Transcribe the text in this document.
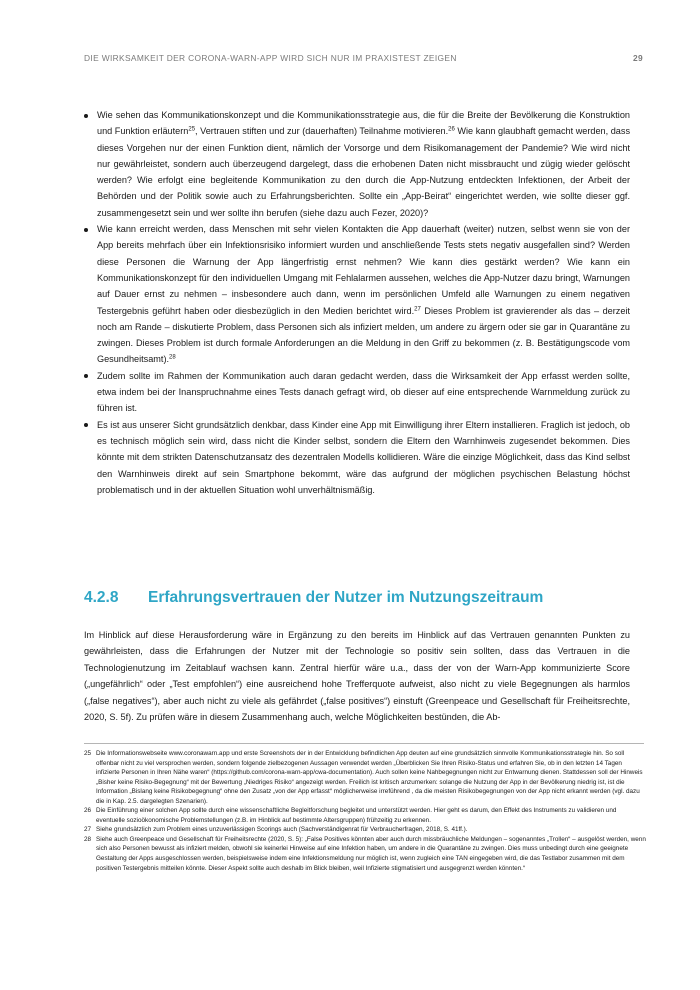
DIE WIRKSAMKEIT DER CORONA-WARN-APP WIRD SICH NUR IM PRAXISTEST ZEIGEN	29
Wie sehen das Kommunikationskonzept und die Kommunikationsstrategie aus, die für die Breite der Bevölkerung die Konstruktion und Funktion erläutern$^{25}$, Vertrauen stiften und zur (dauerhaften) Teilnahme motivieren.$^{26}$ Wie kann glaubhaft gemacht werden, dass dieses Vorgehen nur der einen Funktion dient, nämlich der Vorsorge und dem Risikomanagement der Pandemie? Wie wird nicht nur gewährleistet, sondern auch überzeugend dargelegt, dass die erhobenen Daten nicht missbraucht und zügig wieder gelöscht werden? Wie erfolgt eine begleitende Kommunikation zu den durch die App-Nutzung entdeckten Infektionen, der Arbeit der Behörden und der Politik sowie auch zu Erfahrungsberichten. Sollte ein „App-Beirat“ eingerichtet werden, wie sollte dieser ggf. zusammengesetzt sein und wer sollte ihn berufen (siehe dazu auch Fezer, 2020)?
Wie kann erreicht werden, dass Menschen mit sehr vielen Kontakten die App dauerhaft (weiter) nutzen, selbst wenn sie von der App bereits mehrfach über ein Infektionsrisiko informiert wurden und anschließende Tests stets negativ ausgefallen sind? Werden diese Personen die Warnung der App längerfristig ernst nehmen? Wie kann dies gestärkt werden? Wie kann ein Kommunikationskonzept für den individuellen Umgang mit Fehlalarmen aussehen, welches die App-Nutzer dazu bringt, Warnungen auf Dauer ernst zu nehmen – insbesondere auch dann, wenn im persönlichen Umfeld alle Warnungen zu einem negativen Testergebnis geführt haben oder diesbezüglich in den Medien berichtet wird.$^{27}$ Dieses Problem ist gravierender als das – derzeit noch am Rande – diskutierte Problem, dass Personen sich als infiziert melden, um andere zu ärgern oder sie gar in Quarantäne zu zwingen. Dieses Problem ist durch formale Anforderungen an die Meldung in den Griff zu bekommen (z. B. Bestätigungscode vom Gesundheitsamt).$^{28}$
Zudem sollte im Rahmen der Kommunikation auch daran gedacht werden, dass die Wirksamkeit der App erfasst werden sollte, etwa indem bei der Inanspruchnahme eines Tests danach gefragt wird, ob dieser auf eine entsprechende Warnmeldung zurück zu führen ist.
Es ist aus unserer Sicht grundsätzlich denkbar, dass Kinder eine App mit Einwilligung ihrer Eltern installieren. Fraglich ist jedoch, ob es technisch möglich sein wird, dass nicht die Kinder selbst, sondern die Eltern den Warnhinweis zugesendet bekommen. Dies könnte mit dem strikten Datenschutzansatz des dezentralen Modells kollidieren. Wäre die einzige Möglichkeit, dass das Kind selbst den Warnhinweis direkt auf sein Smartphone bekommt, wäre das aufgrund der möglichen psychischen Belastung höchst problematisch und in der aktuellen Situation wohl unverhältnismäßig.
4.2.8 Erfahrungsvertrauen der Nutzer im Nutzungszeitraum

Im Hinblick auf diese Herausforderung wäre in Ergänzung zu den bereits im Hinblick auf das Vertrauen genannten Punkten zu gewährleisten, dass die Erfahrungen der Nutzer mit der Technologie so positiv sein sollten, dass das Vertrauen in die Technologienutzung im Zeitablauf wachsen kann. Zentral hierfür wäre u.a., dass der von der Warn-App kommunizierte Score („ungefährlich“ oder „Test empfohlen“) eine ausreichend hohe Trefferquote aufweist, also nicht zu viele Begegnungen als harmlos („false negatives“), aber auch nicht zu viele als gefährdet („false positives“) einstuft (Greenpeace und Gesellschaft für Freiheitsrechte, 2020, S. 5f). Zu prüfen wäre in diesem Zusammenhang auch, welche Möglichkeiten bestünden, die Ab-

25 Die Informationswebseite www.coronawarn.app und erste Screenshots der in der Entwicklung befindlichen App deuten auf eine grundsätzlich sinnvolle Kommunikationsstrategie hin. So soll offenbar nicht zu viel versprochen werden, sondern folgende zielbezogenen Aussagen verwendet werden „Überblicken Sie Ihren Risiko-Status und erfahren Sie, ob in den letzten 14 Tagen infizierte Personen in Ihren Nähe waren“ (https://github.com/corona-warn-app/cwa-documentation). Auch sollen keine Nahbegegnungen nicht zur Entwarnung dienen. Stattdessen soll der Hinweis „Bisher keine Risiko-Begegnung“ mit der Bewertung „Niedriges Risiko“ angezeigt werden. Freilich ist kritisch anzumerken: solange die Nutzung der App in der Bevölkerung niedrig ist, ist die Information „Bislang keine Risikobegegnung“ ohne den Zusatz „von der App erfasst“ möglicherweise irreführend , da die meisten Risikobegegnungen von der App nicht erkannt werden (vgl. dazu die in Kap. 2.5. dargelegten Szenarien).
26 Die Einführung einer solchen App sollte durch eine wissenschaftliche Begleitforschung begleitet und unterstützt werden. Hier geht es darum, den Effekt des Instruments zu validieren und eventuelle sozioökonomische Problemstellungen (z.B. im Hinblick auf bestimmte Altersgruppen) frühzeitig zu erkennen.
27 Siehe grundsätzlich zum Problem eines unzuverlässigen Scorings auch (Sachverständigenrat für Verbraucherfragen, 2018, S. 41ff.).
28 Siehe auch Greenpeace und Gesellschaft für Freiheitsrechte (2020, S. 5): „False Positives könnten aber auch durch missbräuchliche Meldungen – sogenanntes „Trollen“ – ausgelöst werden, wenn sich also Personen bewusst als infiziert melden, obwohl sie keinerlei Hinweise auf eine Infektion haben, um andere in die Quarantäne zu zwingen. Dies muss unbedingt durch eine geeignete Gestaltung der Apps ausgeschlossen werden, beispielsweise indem eine Infektionsmeldung nur möglich ist, wenn zugleich eine TAN eingegeben wird, die das Testlabor zusammen mit dem positiven Testergebnis mitteilen könnte. Dieser Aspekt sollte auch deshalb im Blick bleiben, weil Infizierte stigmatisiert und ausgegrenzt werden könnten.“
